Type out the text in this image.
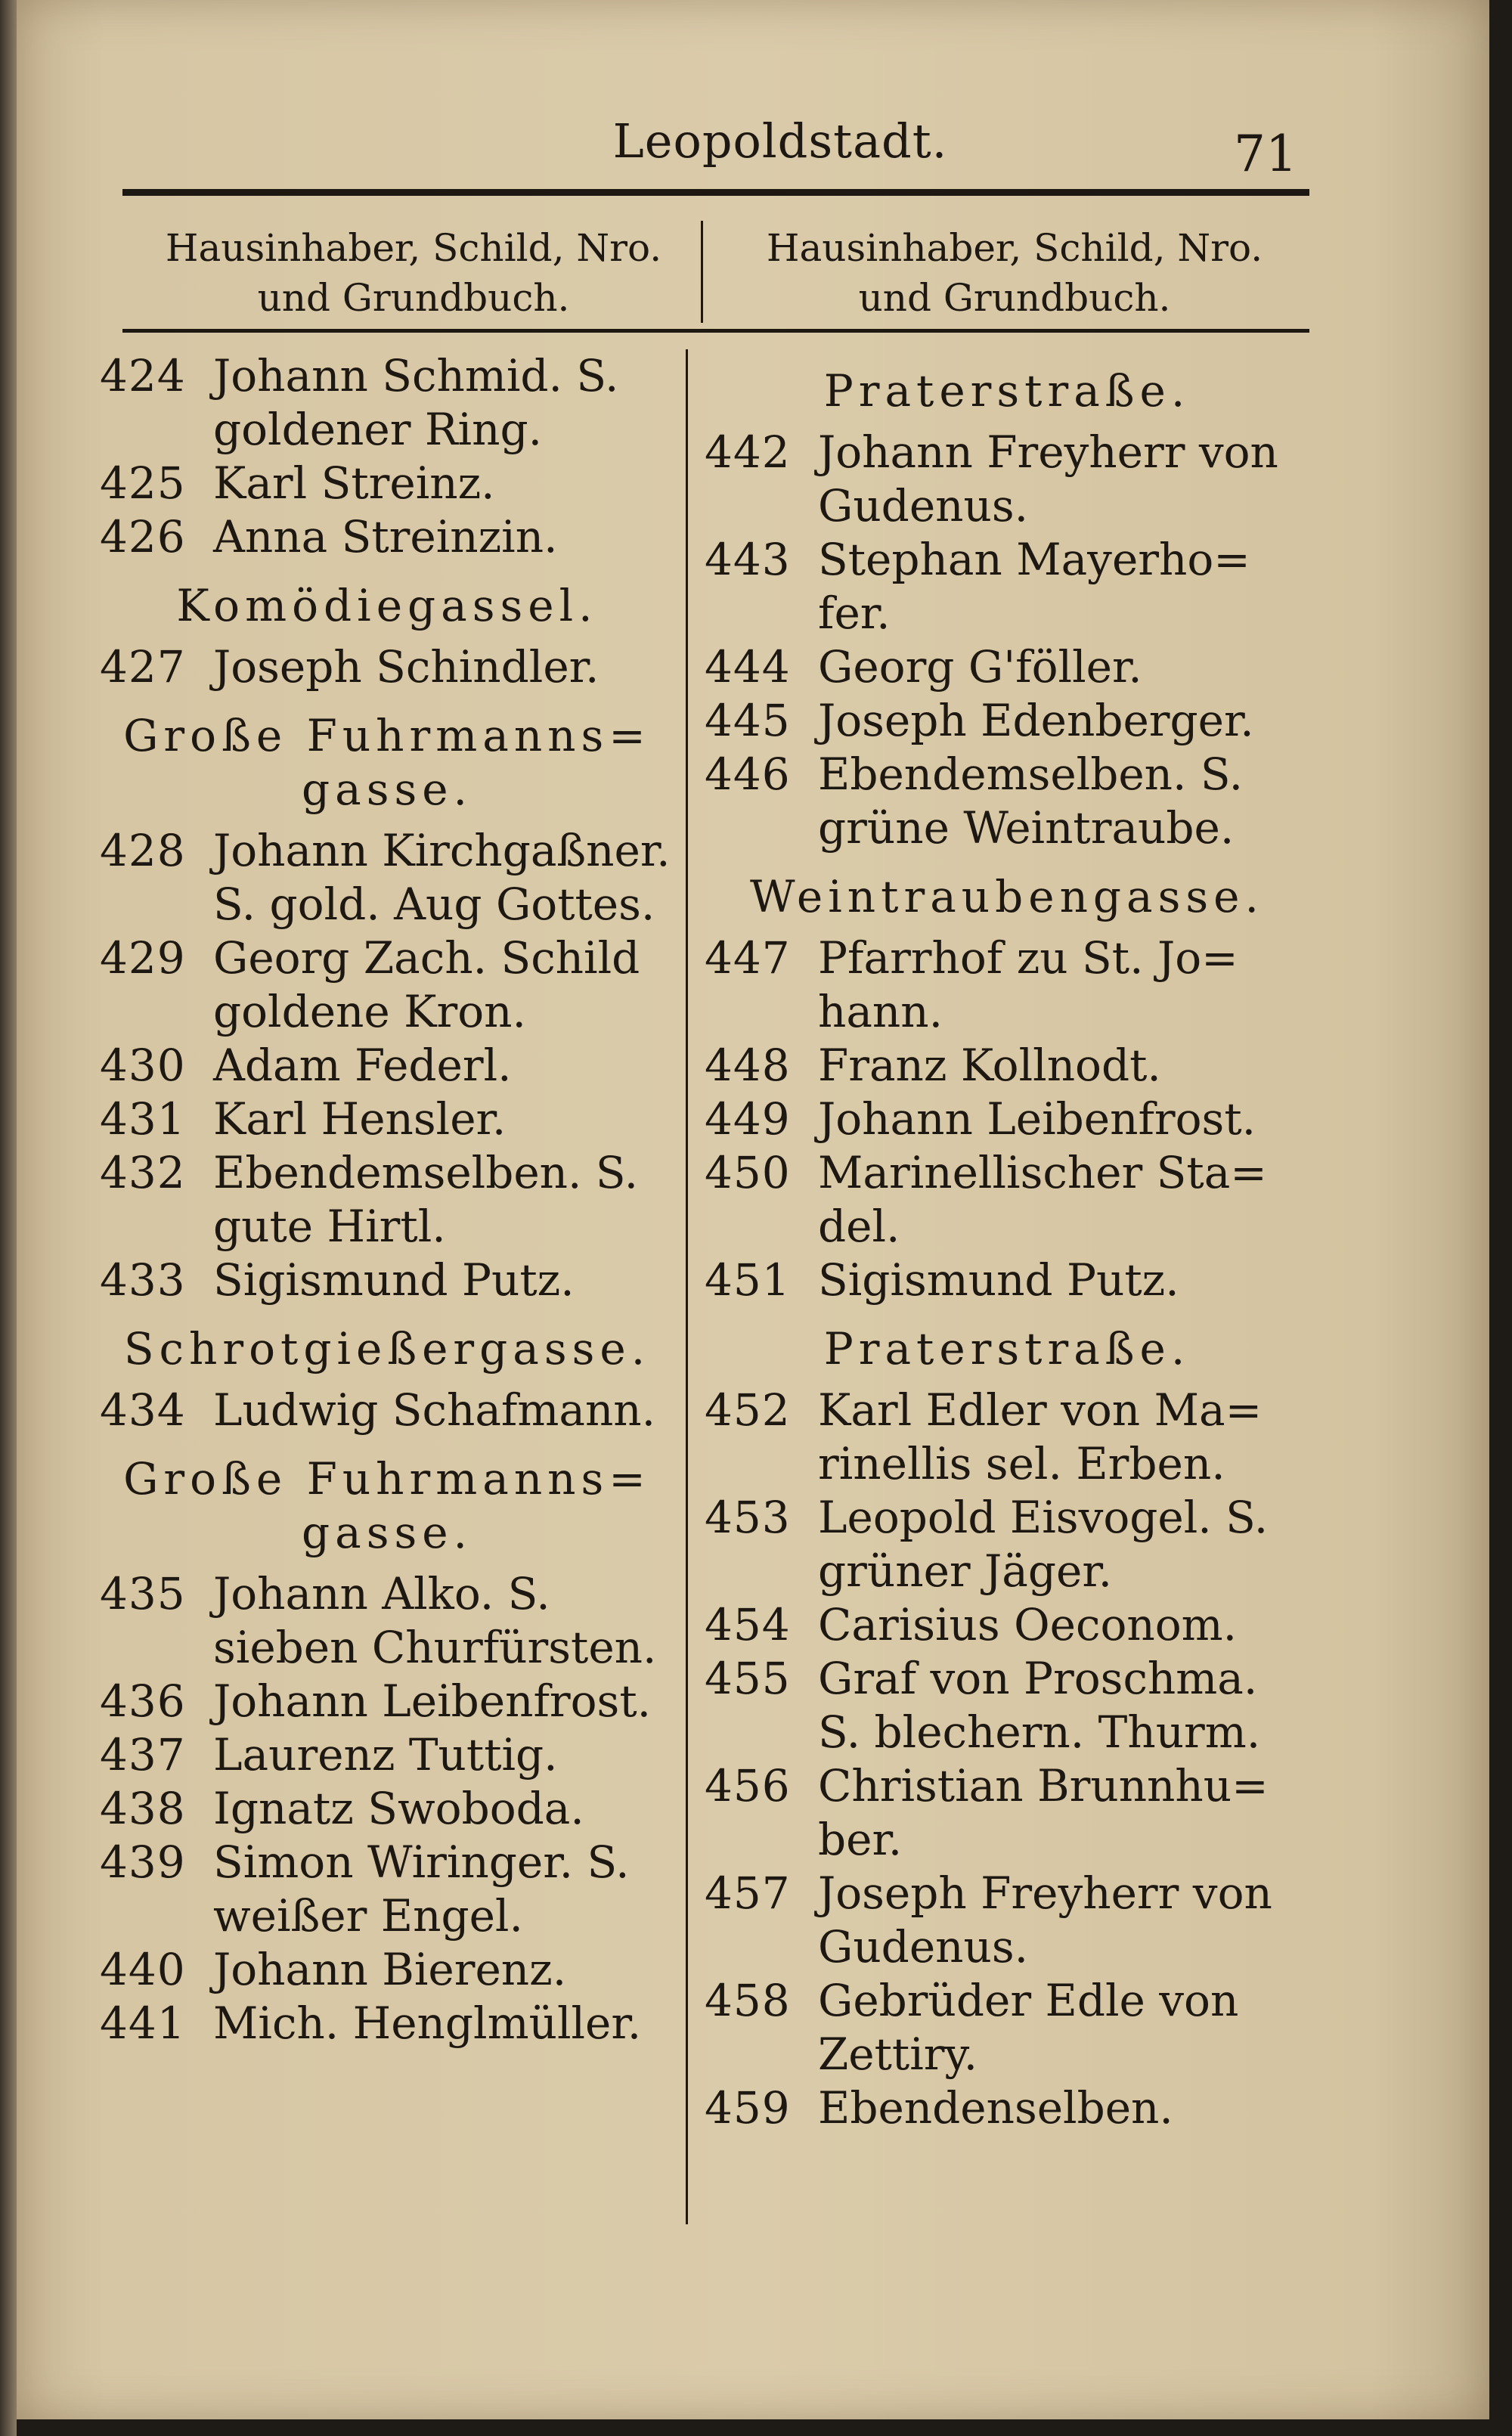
Leopoldstadt.	71
Hausinhaber, Schild, Nro.
und Grundbuch.
Hausinhaber, Schild, Nro.
und Grundbuch.
424 Johann Schmid. S.
goldener Ring.
425 Karl Streinz.
426 Anna Streinzin.
Komödiegassel.
427 Joseph Schindler.
Große Fuhrmanns=
gasse.
428 Johann Kirchgaßner.
S. gold. Aug Gottes.
429 Georg Zach. Schild
goldene Kron.
430 Adam Federl.
431 Karl Hensler.
432 Ebendemselben. S.
gute Hirtl.
433 Sigismund Putz.
Schrotgießergasse.
434 Ludwig Schafmann.
Große Fuhrmanns=
gasse.
435 Johann Alko. S.
sieben Churfürsten.
436 Johann Leibenfrost.
437 Laurenz Tuttig.
438 Ignatz Swoboda.
439 Simon Wiringer. S.
weißer Engel.
440 Johann Bierenz.
441 Mich. Henglmüller.
Praterstraße.
442 Johann Freyherr von
Gudenus.
443 Stephan Mayerho=
fer.
444 Georg G'föller.
445 Joseph Edenberger.
446 Ebendemselben. S.
grüne Weintraube.
Weintraubengasse.
447 Pfarrhof zu St. Jo=
hann.
448 Franz Kollnodt.
449 Johann Leibenfrost.
450 Marinellischer Sta=
del.
451 Sigismund Putz.
Praterstraße.
452 Karl Edler von Ma=
rinellis sel. Erben.
453 Leopold Eisvogel. S.
grüner Jäger.
454 Carisius Oeconom.
455 Graf von Proschma.
S. blechern. Thurm.
456 Christian Brunnhu=
ber.
457 Joseph Freyherr von
Gudenus.
458 Gebrüder Edle von
Zettiry.
459 Ebendenselben.
